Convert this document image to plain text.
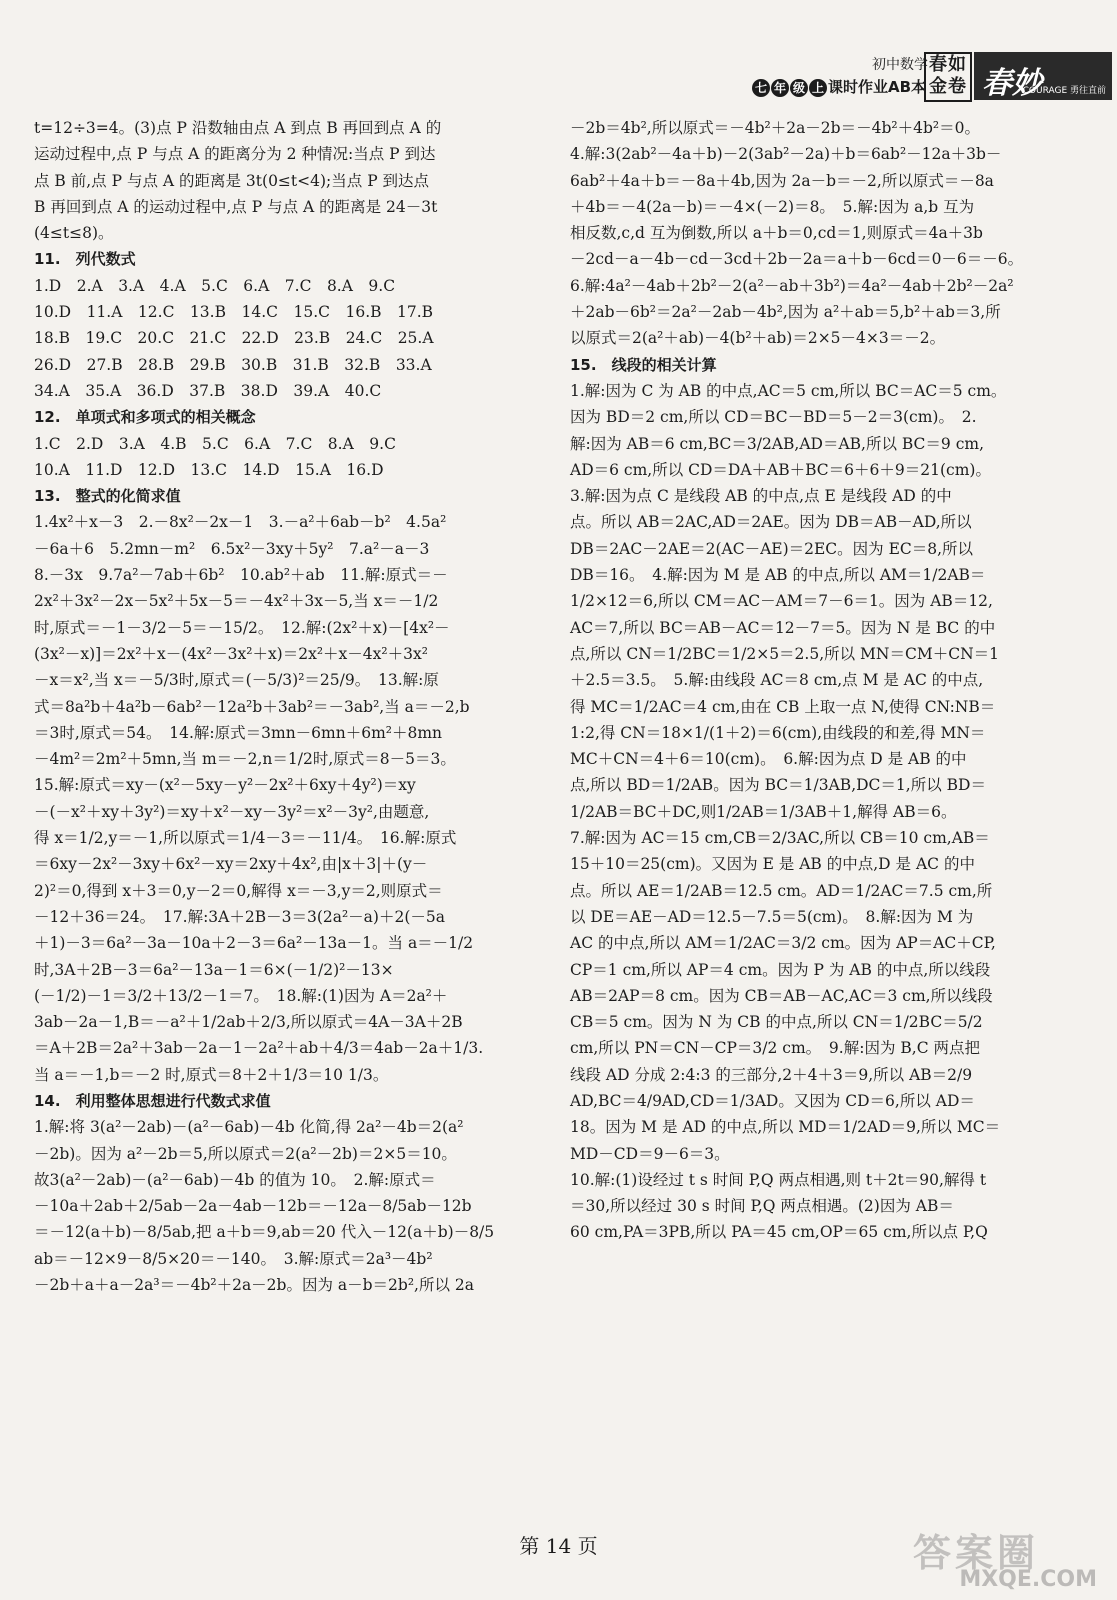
初中数学
七 年 级 上 课时作业AB本
春如
金卷 春妙
COURAGE 勇往直前
t=12÷3=4。(3)点 P 沿数轴由点 A 到点 B 再回到点 A 的
运动过程中,点 P 与点 A 的距离分为 2 种情况:当点 P 到达
点 B 前,点 P 与点 A 的距离是 3t(0≤t<4);当点 P 到达点
B 再回到点 A 的运动过程中,点 P 与点 A 的距离是 24－3t
(4≤t≤8)。
11.　列代数式
1.D　2.A　3.A　4.A　5.C　6.A　7.C　8.A　9.C
10.D　11.A　12.C　13.B　14.C　15.C　16.B　17.B
18.B　19.C　20.C　21.C　22.D　23.B　24.C　25.A
26.D　27.B　28.B　29.B　30.B　31.B　32.B　33.A
34.A　35.A　36.D　37.B　38.D　39.A　40.C
12.　单项式和多项式的相关概念
1.C　2.D　3.A　4.B　5.C　6.A　7.C　8.A　9.C
10.A　11.D　12.D　13.C　14.D　15.A　16.D
13.　整式的化简求值
1.4x²＋x－3　2.－8x²－2x－1　3.－a²＋6ab－b²　4.5a²
－6a＋6　5.2mn－m²　6.5x²－3xy＋5y²　7.a²－a－3
8.－3x　9.7a²－7ab＋6b²　10.ab²＋ab　11.解:原式＝－
2x²＋3x²－2x－5x²＋5x－5＝－4x²＋3x－5,当 x＝－1/2
时,原式＝－1－3/2－5＝－15/2。　12.解:(2x²＋x)－[4x²－
(3x²－x)]＝2x²＋x－(4x²－3x²＋x)＝2x²＋x－4x²＋3x²
－x＝x²,当 x＝－5/3时,原式＝(－5/3)²＝25/9。　13.解:原
式＝8a²b＋4a²b－6ab²－12a²b＋3ab²＝－3ab²,当 a＝－2,b
＝3时,原式＝54。　14.解:原式＝3mn－6mn＋6m²＋8mn
－4m²＝2m²＋5mn,当 m＝－2,n＝1/2时,原式＝8－5＝3。
15.解:原式＝xy－(x²－5xy－y²－2x²＋6xy＋4y²)＝xy
－(－x²＋xy＋3y²)＝xy＋x²－xy－3y²＝x²－3y²,由题意,
得 x＝1/2,y＝－1,所以原式＝1/4－3＝－11/4。　16.解:原式
＝6xy－2x²－3xy＋6x²－xy＝2xy＋4x²,由|x＋3|＋(y－
2)²＝0,得到 x＋3＝0,y－2＝0,解得 x＝－3,y＝2,则原式＝
－12＋36＝24。　17.解:3A＋2B－3＝3(2a²－a)＋2(－5a
＋1)－3＝6a²－3a－10a＋2－3＝6a²－13a－1。当 a＝－1/2
时,3A＋2B－3＝6a²－13a－1＝6×(－1/2)²－13×
(－1/2)－1＝3/2＋13/2－1＝7。　18.解:(1)因为 A＝2a²＋
3ab－2a－1,B＝－a²＋1/2ab＋2/3,所以原式＝4A－3A＋2B
＝A＋2B＝2a²＋3ab－2a－1－2a²＋ab＋4/3＝4ab－2a＋1/3.
当 a＝－1,b＝－2 时,原式＝8＋2＋1/3＝10 1/3。
14.　利用整体思想进行代数式求值
1.解:将 3(a²－2ab)－(a²－6ab)－4b 化简,得 2a²－4b＝2(a²
－2b)。因为 a²－2b＝5,所以原式＝2(a²－2b)＝2×5＝10。
故3(a²－2ab)－(a²－6ab)－4b 的值为 10。　2.解:原式＝
－10a＋2ab＋2/5ab－2a－4ab－12b＝－12a－8/5ab－12b
＝－12(a＋b)－8/5ab,把 a＋b＝9,ab＝20 代入－12(a＋b)－8/5
ab＝－12×9－8/5×20＝－140。　3.解:原式＝2a³－4b²
－2b＋a＋a－2a³＝－4b²＋2a－2b。因为 a－b＝2b²,所以 2a
－2b＝4b²,所以原式＝－4b²＋2a－2b＝－4b²＋4b²＝0。
4.解:3(2ab²－4a＋b)－2(3ab²－2a)＋b＝6ab²－12a＋3b－
6ab²＋4a＋b＝－8a＋4b,因为 2a－b＝－2,所以原式＝－8a
＋4b＝－4(2a－b)＝－4×(－2)＝8。　5.解:因为 a,b 互为
相反数,c,d 互为倒数,所以 a＋b＝0,cd＝1,则原式＝4a＋3b
－2cd－a－4b－cd－3cd＋2b－2a＝a＋b－6cd＝0－6＝－6。
6.解:4a²－4ab＋2b²－2(a²－ab＋3b²)＝4a²－4ab＋2b²－2a²
＋2ab－6b²＝2a²－2ab－4b²,因为 a²＋ab＝5,b²＋ab＝3,所
以原式＝2(a²＋ab)－4(b²＋ab)＝2×5－4×3＝－2。
15.　线段的相关计算
1.解:因为 C 为 AB 的中点,AC＝5 cm,所以 BC＝AC＝5 cm。
因为 BD＝2 cm,所以 CD＝BC－BD＝5－2＝3(cm)。　2.
解:因为 AB＝6 cm,BC＝3/2AB,AD＝AB,所以 BC＝9 cm,
AD＝6 cm,所以 CD＝DA＋AB＋BC＝6＋6＋9＝21(cm)。
3.解:因为点 C 是线段 AB 的中点,点 E 是线段 AD 的中
点。所以 AB＝2AC,AD＝2AE。因为 DB＝AB－AD,所以
DB＝2AC－2AE＝2(AC－AE)＝2EC。因为 EC＝8,所以
DB＝16。　4.解:因为 M 是 AB 的中点,所以 AM＝1/2AB＝
1/2×12＝6,所以 CM＝AC－AM＝7－6＝1。因为 AB＝12,
AC＝7,所以 BC＝AB－AC＝12－7＝5。因为 N 是 BC 的中
点,所以 CN＝1/2BC＝1/2×5＝2.5,所以 MN＝CM＋CN＝1
＋2.5＝3.5。　5.解:由线段 AC＝8 cm,点 M 是 AC 的中点,
得 MC＝1/2AC＝4 cm,由在 CB 上取一点 N,使得 CN:NB＝
1:2,得 CN＝18×1/(1＋2)＝6(cm),由线段的和差,得 MN＝
MC＋CN＝4＋6＝10(cm)。　6.解:因为点 D 是 AB 的中
点,所以 BD＝1/2AB。因为 BC＝1/3AB,DC＝1,所以 BD＝
1/2AB＝BC＋DC,则1/2AB＝1/3AB＋1,解得 AB＝6。
7.解:因为 AC＝15 cm,CB＝2/3AC,所以 CB＝10 cm,AB＝
15＋10＝25(cm)。又因为 E 是 AB 的中点,D 是 AC 的中
点。所以 AE＝1/2AB＝12.5 cm。AD＝1/2AC＝7.5 cm,所
以 DE＝AE－AD＝12.5－7.5＝5(cm)。　8.解:因为 M 为
AC 的中点,所以 AM＝1/2AC＝3/2 cm。因为 AP＝AC＋CP,
CP＝1 cm,所以 AP＝4 cm。因为 P 为 AB 的中点,所以线段
AB＝2AP＝8 cm。因为 CB＝AB－AC,AC＝3 cm,所以线段
CB＝5 cm。因为 N 为 CB 的中点,所以 CN＝1/2BC＝5/2
cm,所以 PN＝CN－CP＝3/2 cm。　9.解:因为 B,C 两点把
线段 AD 分成 2:4:3 的三部分,2＋4＋3＝9,所以 AB＝2/9
AD,BC＝4/9AD,CD＝1/3AD。又因为 CD＝6,所以 AD＝
18。因为 M 是 AD 的中点,所以 MD＝1/2AD＝9,所以 MC＝
MD－CD＝9－6＝3。
10.解:(1)设经过 t s 时间 P,Q 两点相遇,则 t＋2t＝90,解得 t
＝30,所以经过 30 s 时间 P,Q 两点相遇。(2)因为 AB＝
60 cm,PA＝3PB,所以 PA＝45 cm,OP＝65 cm,所以点 P,Q
第 14 页	答案圈
MXQE.COM
